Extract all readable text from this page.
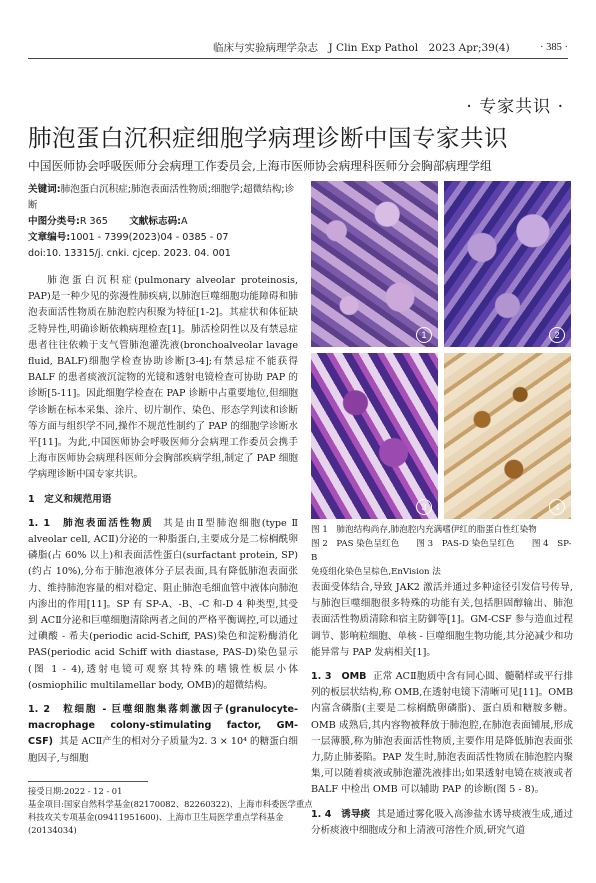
临床与实验病理学杂志　J Clin Exp Pathol　2023 Apr;39(4)	· 385 ·
· 专家共识 ·
肺泡蛋白沉积症细胞学病理诊断中国专家共识
中国医师协会呼吸医师分会病理工作委员会,上海市医师协会病理科医师分会胸部病理学组
关键词:肺泡蛋白沉积症;肺泡表面活性物质;细胞学;超微结构;诊断
中图分类号:R 365 文献标志码:A
文章编号:1001 - 7399(2023)04 - 0385 - 07
doi:10. 13315/j. cnki. cjcep. 2023. 04. 001

肺泡蛋白沉积症(pulmonary alveolar proteinosis, PAP)是一种少见的弥漫性肺疾病,以肺泡巨噬细胞功能障碍和肺泡表面活性物质在肺泡腔内积聚为特征[1-2]。其症状和体征缺乏特异性,明确诊断依赖病理检查[1]。肺活检阴性以及有禁忌症患者往往依赖于支气管肺泡灌洗液(bronchoalveolar lavage fluid, BALF)细胞学检查协助诊断[3-4];有禁忌症不能获得 BALF 的患者痰液沉淀物的光镜和透射电镜检查可协助 PAP 的诊断[5-11]。因此细胞学检查在 PAP 诊断中占重要地位,但细胞学诊断在标本采集、涂片、切片制作、染色、形态学判读和诊断等方面与组织学不同,操作不规范性制约了 PAP 的细胞学诊断水平[11]。为此,中国医师协会呼吸医师分会病理工作委员会携手上海市医师协会病理科医师分会胸部疾病学组,制定了 PAP 细胞学病理诊断中国专家共识。

1　定义和规范用语

1. 1　肺泡表面活性物质 其是由Ⅱ型肺泡细胞(type Ⅱ alveolar cell, ACⅡ)分泌的一种脂蛋白,主要成分是二棕榈酰卵磷脂(占 60% 以上)和表面活性蛋白(surfactant protein, SP)(约占 10%),分布于肺泡液体分子层表面,具有降低肺泡表面张力、维持肺泡容量的相对稳定、阻止肺泡毛细血管中液体向肺泡内渗出的作用[11]。SP 有 SP-A、-B、-C 和-D 4 种类型,其受到 ACⅡ分泌和巨噬细胞清除两者之间的严格平衡调控,可以通过过碘酸 - 希夫(periodic acid-Schiff, PAS)染色和淀粉酶消化 PAS(periodic acid Schiff with diastase, PAS-D)染色显示(图 1 - 4),透射电镜可观察其特殊的嗜锇性板层小体(osmiophilic multilamellar body, OMB)的超微结构。

1. 2　粒细胞 - 巨噬细胞集落刺激因子(granulocyte-macrophage colony-stimulating factor, GM-CSF) 其是 ACⅡ产生的相对分子质量为2. 3 × 10⁴ 的糖蛋白细胞因子,与细胞

接受日期:2022 - 12 - 01
基金项目:国家自然科学基金(82170082、82260322)、上海市科委医学重点科技攻关专项基金(09411951600)、上海市卫生局医学重点学科基金(20134034)
1	2
3	4
图 1　肺泡结构尚存,肺泡腔内充满嗜伊红的脂蛋白性红染物
图 2　PAS 染色呈红色　　图 3　PAS-D 染色呈红色　　图 4　SP-B
免疫组化染色呈棕色,EnVision 法

表面受体结合,导致 JAK2 激活并通过多种途径引发信号传导,与肺泡巨噬细胞很多特殊的功能有关,包括胆固醇输出、肺泡表面活性物质清除和宿主防御等[1]。GM-CSF 参与造血过程调节、影响粒细胞、单核 - 巨噬细胞生物功能,其分泌减少和功能异常与 PAP 发病相关[1]。

1. 3　OMB 正常 ACⅡ胞质中含有同心圆、髓鞘样或平行排列的板层状结构,称 OMB,在透射电镜下清晰可见[11]。OMB 内富含磷脂(主要是二棕榈酰卵磷脂)、蛋白质和糖胺多糖。OMB 成熟后,其内容物被释放于肺泡腔,在肺泡表面铺展,形成一层薄膜,称为肺泡表面活性物质,主要作用是降低肺泡表面张力,防止肺萎陷。PAP 发生时,肺泡表面活性物质在肺泡腔内聚集,可以随着痰液或肺泡灌洗液排出;如果透射电镜在痰液或者 BALF 中检出 OMB 可以辅助 PAP 的诊断(图 5 - 8)。

1. 4　诱导痰 其是通过雾化吸入高渗盐水诱导痰液生成,通过分析痰液中细胞成分和上清液可溶性介质,研究气道
